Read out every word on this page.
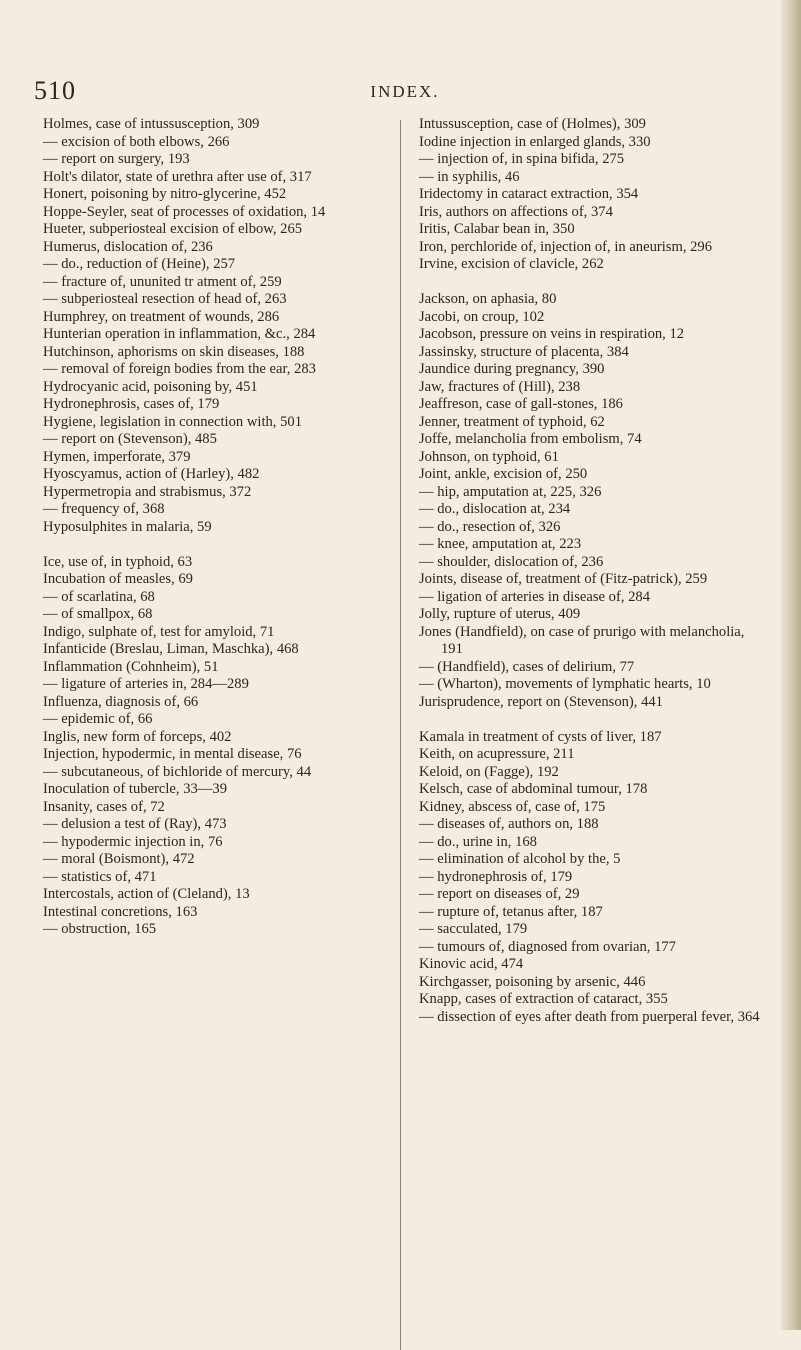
510	INDEX.
Holmes, case of intussusception, 309
— excision of both elbows, 266
— report on surgery, 193
Holt's dilator, state of urethra after use of, 317
Honert, poisoning by nitro-glycerine, 452
Hoppe-Seyler, seat of processes of oxidation, 14
Hueter, subperiosteal excision of elbow, 265
Humerus, dislocation of, 236
— do., reduction of (Heine), 257
— fracture of, ununited tr atment of, 259
— subperiosteal resection of head of, 263
Humphrey, on treatment of wounds, 286
Hunterian operation in inflammation, &c., 284
Hutchinson, aphorisms on skin diseases, 188
— removal of foreign bodies from the ear, 283
Hydrocyanic acid, poisoning by, 451
Hydronephrosis, cases of, 179
Hygiene, legislation in connection with, 501
— report on (Stevenson), 485
Hymen, imperforate, 379
Hyoscyamus, action of (Harley), 482
Hypermetropia and strabismus, 372
— frequency of, 368
Hyposulphites in malaria, 59
Ice, use of, in typhoid, 63
Incubation of measles, 69
— of scarlatina, 68
— of smallpox, 68
Indigo, sulphate of, test for amyloid, 71
Infanticide (Breslau, Liman, Maschka), 468
Inflammation (Cohnheim), 51
— ligature of arteries in, 284—289
Influenza, diagnosis of, 66
— epidemic of, 66
Inglis, new form of forceps, 402
Injection, hypodermic, in mental disease, 76
— subcutaneous, of bichloride of mercury, 44
Inoculation of tubercle, 33—39
Insanity, cases of, 72
— delusion a test of (Ray), 473
— hypodermic injection in, 76
— moral (Boismont), 472
— statistics of, 471
Intercostals, action of (Cleland), 13
Intestinal concretions, 163
— obstruction, 165
Intussusception, case of (Holmes), 309
Iodine injection in enlarged glands, 330
— injection of, in spina bifida, 275
— in syphilis, 46
Iridectomy in cataract extraction, 354
Iris, authors on affections of, 374
Iritis, Calabar bean in, 350
Iron, perchloride of, injection of, in aneurism, 296
Irvine, excision of clavicle, 262
Jackson, on aphasia, 80
Jacobi, on croup, 102
Jacobson, pressure on veins in respiration, 12
Jassinsky, structure of placenta, 384
Jaundice during pregnancy, 390
Jaw, fractures of (Hill), 238
Jeaffreson, case of gall-stones, 186
Jenner, treatment of typhoid, 62
Joffe, melancholia from embolism, 74
Johnson, on typhoid, 61
Joint, ankle, excision of, 250
— hip, amputation at, 225, 326
— do., dislocation at, 234
— do., resection of, 326
— knee, amputation at, 223
— shoulder, dislocation of, 236
Joints, disease of, treatment of (Fitz-patrick), 259
— ligation of arteries in disease of, 284
Jolly, rupture of uterus, 409
Jones (Handfield), on case of prurigo with melancholia, 191
— (Handfield), cases of delirium, 77
— (Wharton), movements of lymphatic hearts, 10
Jurisprudence, report on (Stevenson), 441
Kamala in treatment of cysts of liver, 187
Keith, on acupressure, 211
Keloid, on (Fagge), 192
Kelsch, case of abdominal tumour, 178
Kidney, abscess of, case of, 175
— diseases of, authors on, 188
— do., urine in, 168
— elimination of alcohol by the, 5
— hydronephrosis of, 179
— report on diseases of, 29
— rupture of, tetanus after, 187
— sacculated, 179
— tumours of, diagnosed from ovarian, 177
Kinovic acid, 474
Kirchgasser, poisoning by arsenic, 446
Knapp, cases of extraction of cataract, 355
— dissection of eyes after death from puerperal fever, 364
